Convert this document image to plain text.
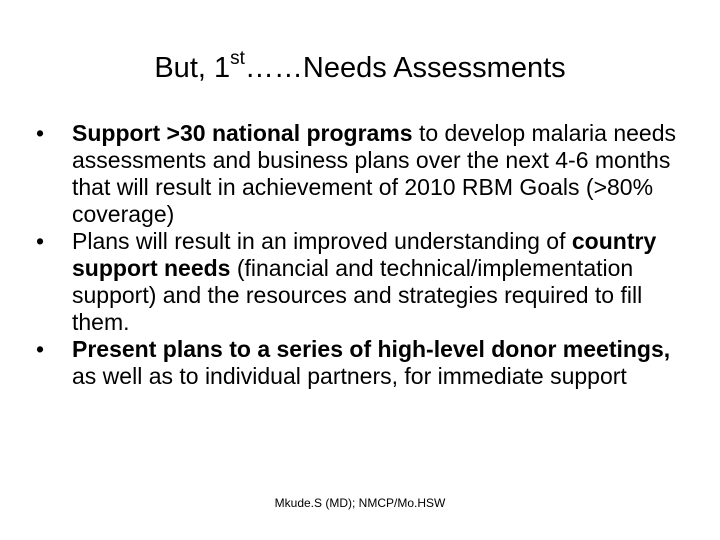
But, 1st……Needs Assessments
• Support >30 national programs to develop malaria needs assessments and business plans over the next 4-6 months that will result in achievement of 2010 RBM Goals (>80% coverage)
• Plans will result in an improved understanding of country support needs (financial and technical/implementation support) and the resources and strategies required to fill them.
• Present plans to a series of high-level donor meetings, as well as to individual partners, for immediate support
Mkude.S (MD); NMCP/Mo.HSW
